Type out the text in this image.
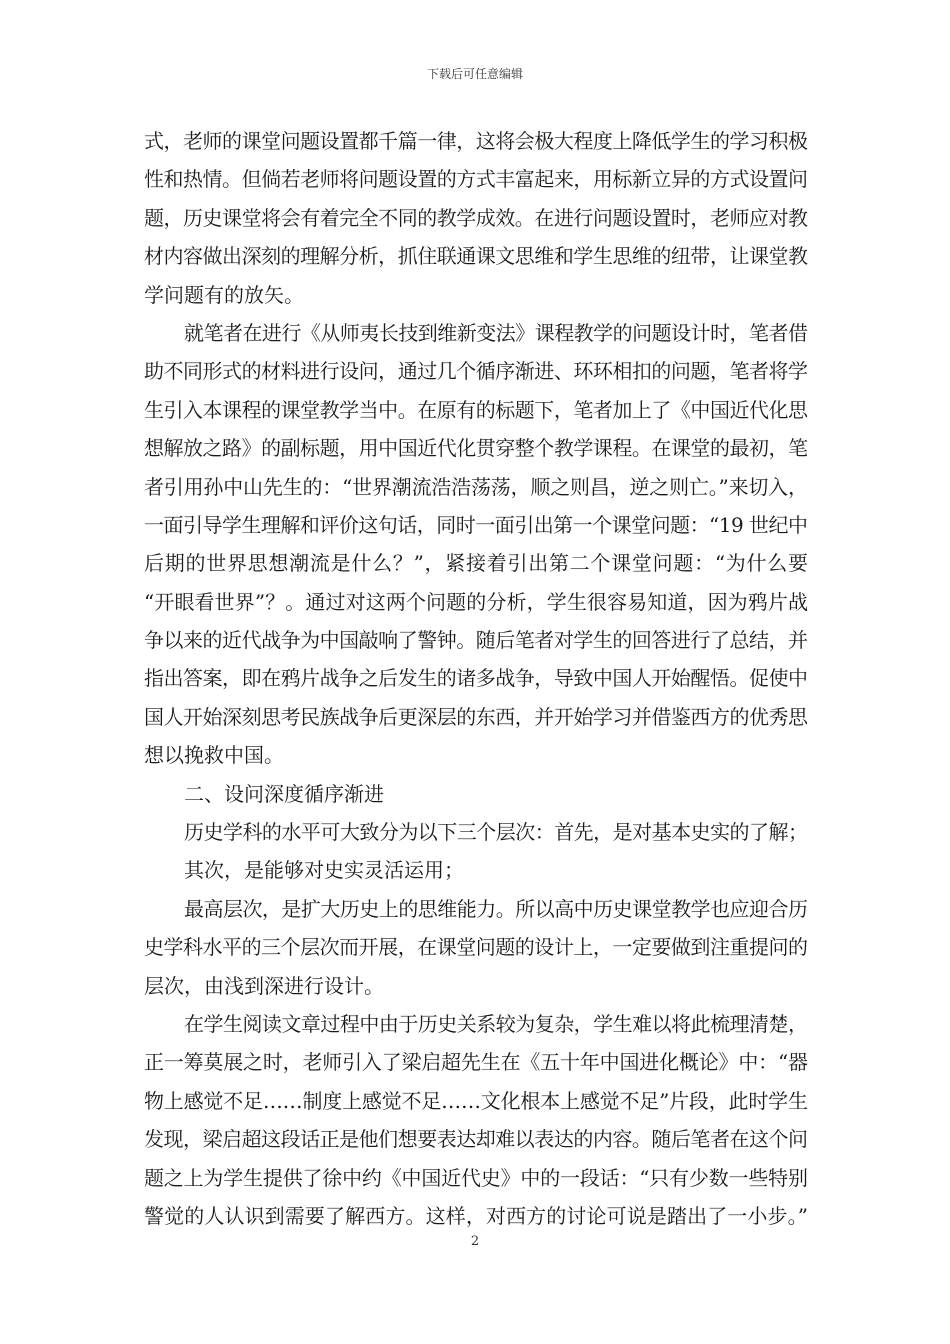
下载后可任意编辑
式，老师的课堂问题设置都千篇一律，这将会极大程度上降低学生的学习积极
性和热情。但倘若老师将问题设置的方式丰富起来，用标新立异的方式设置问
题，历史课堂将会有着完全不同的教学成效。在进行问题设置时，老师应对教
材内容做出深刻的理解分析，抓住联通课文思维和学生思维的纽带，让课堂教
学问题有的放矢。
就笔者在进行《从师夷长技到维新变法》课程教学的问题设计时，笔者借
助不同形式的材料进行设问，通过几个循序渐进、环环相扣的问题，笔者将学
生引入本课程的课堂教学当中。在原有的标题下，笔者加上了《中国近代化思
想解放之路》的副标题，用中国近代化贯穿整个教学课程。在课堂的最初，笔
者引用孙中山先生的：“世界潮流浩浩荡荡，顺之则昌，逆之则亡。”来切入，
一面引导学生理解和评价这句话，同时一面引出第一个课堂问题：“19 世纪中
后期的世界思想潮流是什么？”，紧接着引出第二个课堂问题：“为什么要
“开眼看世界”？。通过对这两个问题的分析，学生很容易知道，因为鸦片战
争以来的近代战争为中国敲响了警钟。随后笔者对学生的回答进行了总结，并
指出答案，即在鸦片战争之后发生的诸多战争，导致中国人开始醒悟。促使中
国人开始深刻思考民族战争后更深层的东西，并开始学习并借鉴西方的优秀思
想以挽救中国。
二、设问深度循序渐进
历史学科的水平可大致分为以下三个层次：首先，是对基本史实的了解；
其次，是能够对史实灵活运用；
最高层次，是扩大历史上的思维能力。所以高中历史课堂教学也应迎合历
史学科水平的三个层次而开展，在课堂问题的设计上，一定要做到注重提问的
层次，由浅到深进行设计。
在学生阅读文章过程中由于历史关系较为复杂，学生难以将此梳理清楚，
正一筹莫展之时，老师引入了梁启超先生在《五十年中国进化概论》中：“器
物上感觉不足……制度上感觉不足……文化根本上感觉不足”片段，此时学生
发现，梁启超这段话正是他们想要表达却难以表达的内容。随后笔者在这个问
题之上为学生提供了徐中约《中国近代史》中的一段话：“只有少数一些特别
警觉的人认识到需要了解西方。这样，对西方的讨论可说是踏出了一小步。”
2
